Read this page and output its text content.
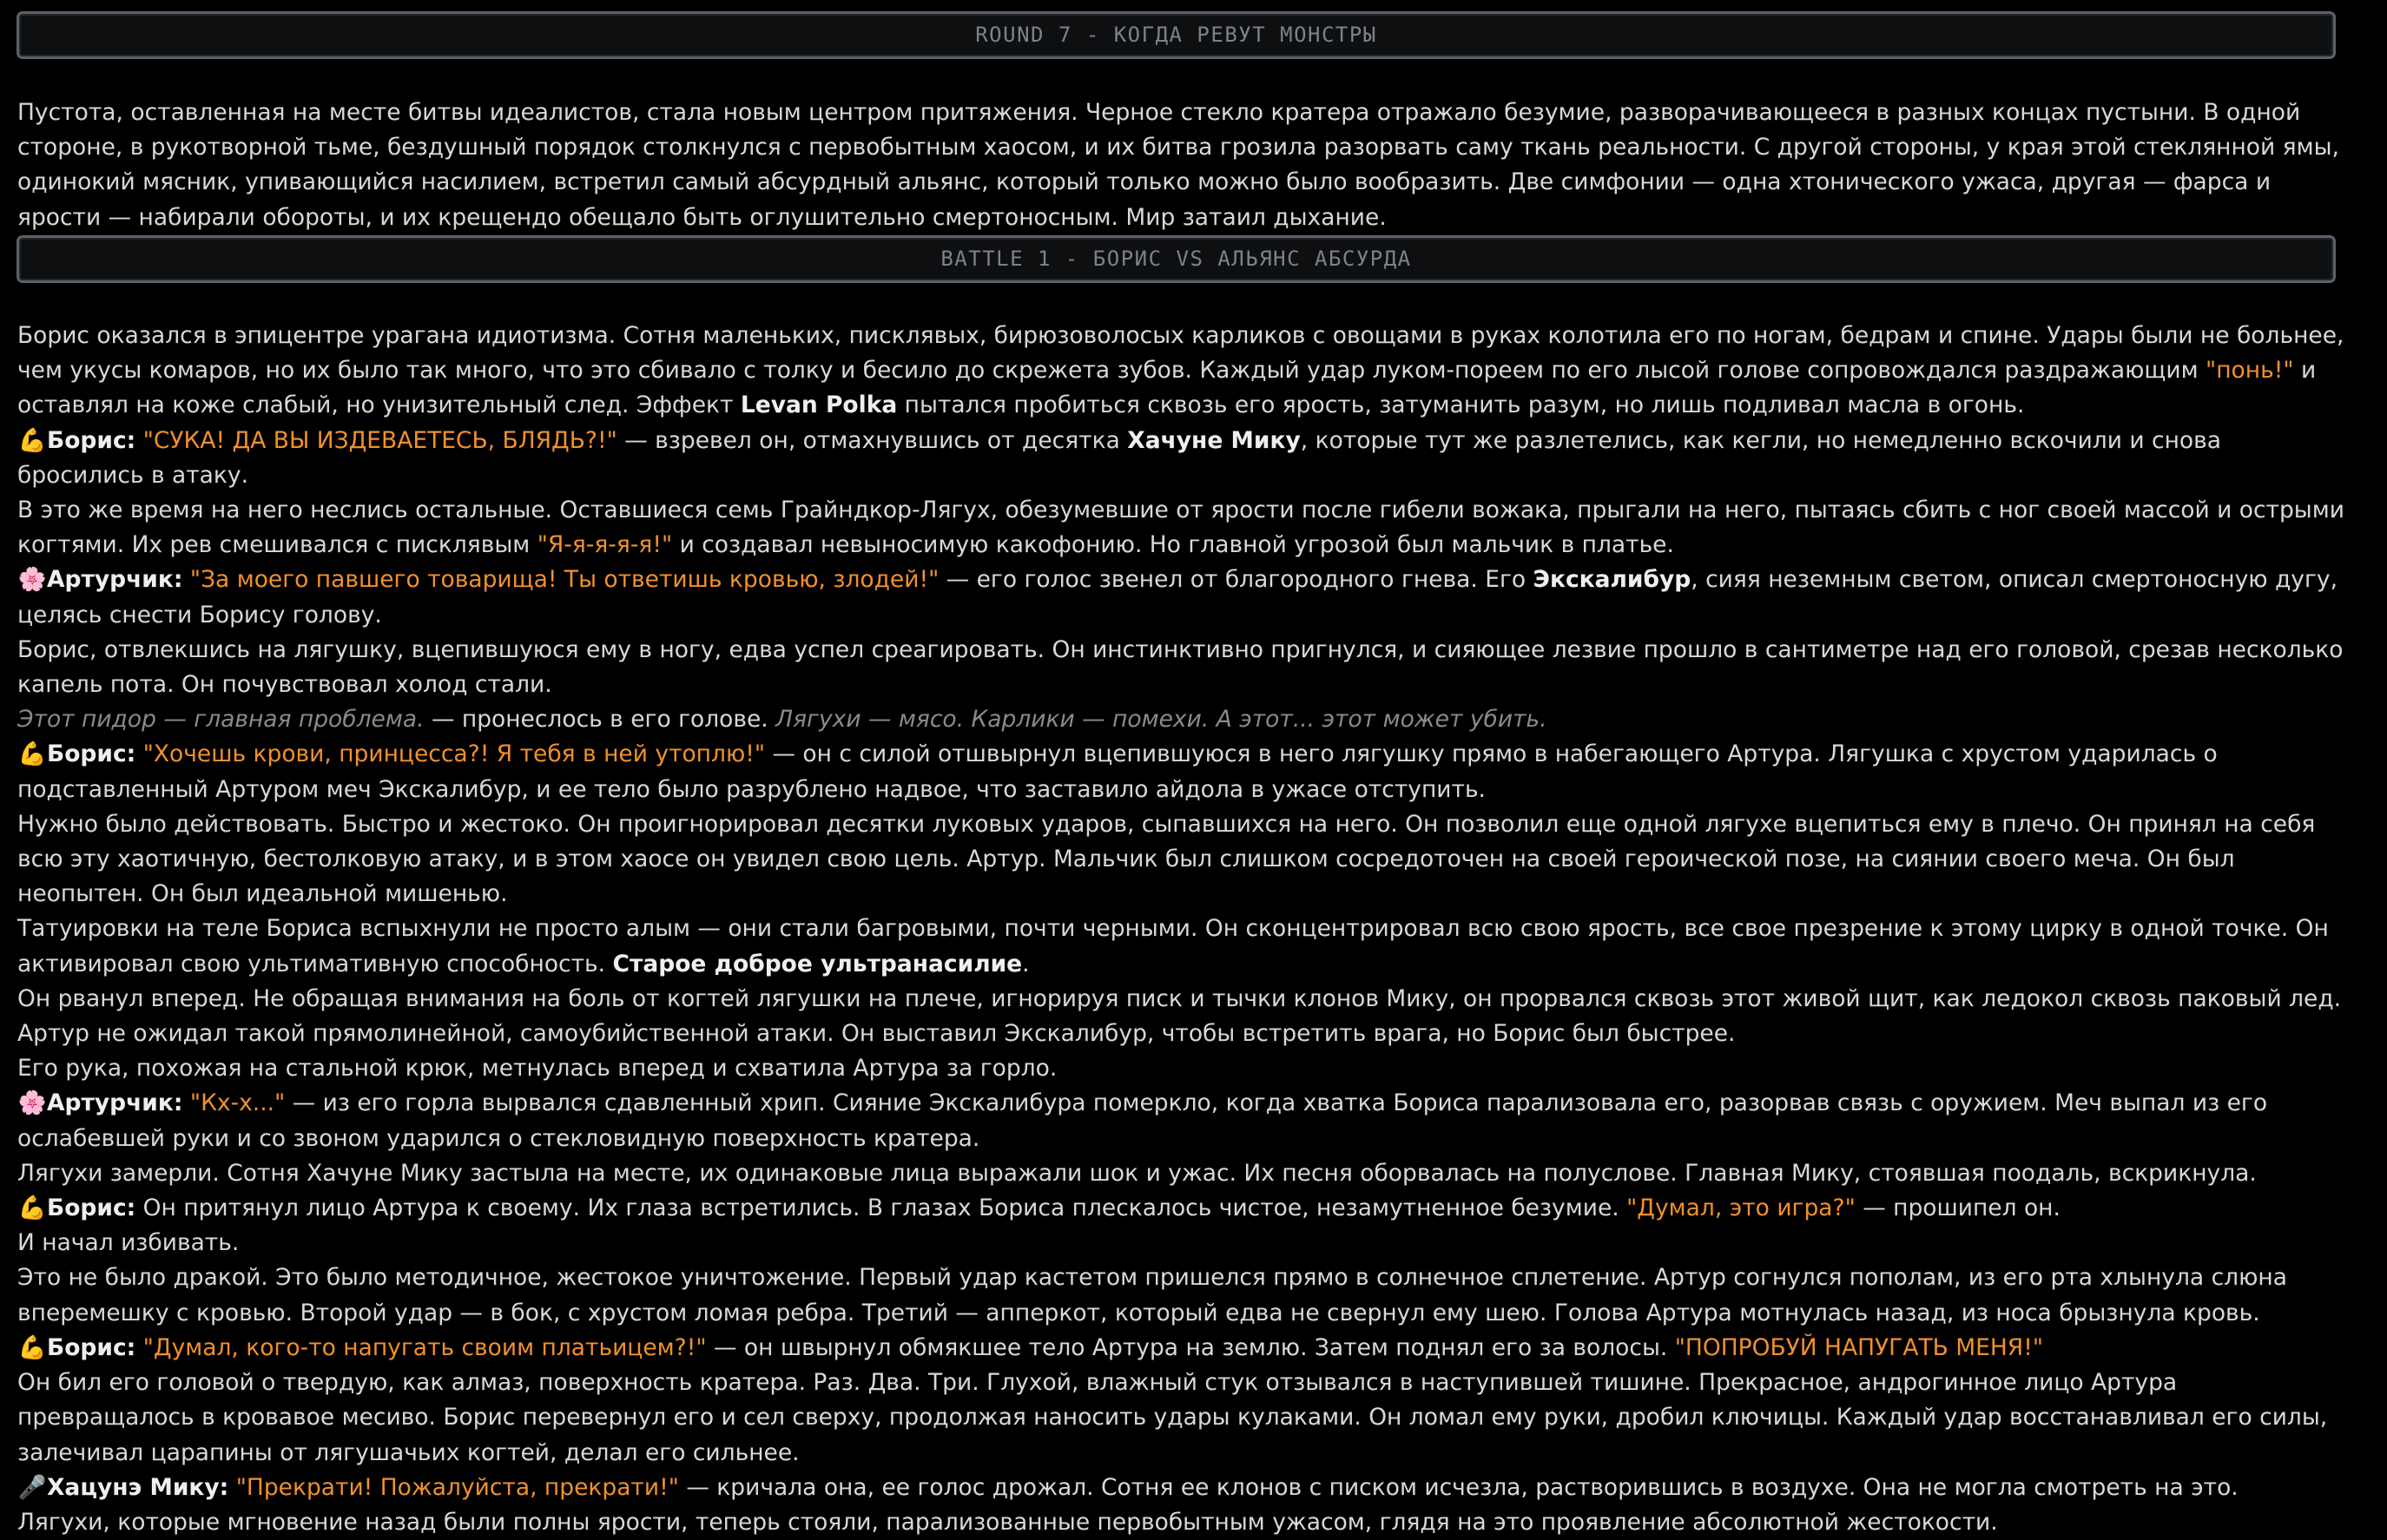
ROUND 7 - КОГДА РЕВУТ МОНСТРЫ
Пустота, оставленная на месте битвы идеалистов, стала новым центром притяжения. Черное стекло кратера отражало безумие, разворачивающееся в разных концах пустыни. В одной стороне, в рукотворной тьме, бездушный порядок столкнулся с первобытным хаосом, и их битва грозила разорвать саму ткань реальности. С другой стороны, у края этой стеклянной ямы, одинокий мясник, упивающийся насилием, встретил самый абсурдный альянс, который только можно было вообразить. Две симфонии — одна хтонического ужаса, другая — фарса и ярости — набирали обороты, и их крещендо обещало быть оглушительно смертоносным. Мир затаил дыхание.
BATTLE 1 - БОРИС VS АЛЬЯНС АБСУРДА
Борис оказался в эпицентре урагана идиотизма. Сотня маленьких, писклявых, бирюзоволосых карликов с овощами в руках колотила его по ногам, бедрам и спине. Удары были не больнее, чем укусы комаров, но их было так много, что это сбивало с толку и бесило до скрежета зубов. Каждый удар луком-пореем по его лысой голове сопровождался раздражающим "понь!" и оставлял на коже слабый, но унизительный след. Эффект Levan Polka пытался пробиться сквозь его ярость, затуманить разум, но лишь подливал масла в огонь.
💪Борис: "СУКА! ДА ВЫ ИЗДЕВАЕТЕСЬ, БЛЯДЬ?!" — взревел он, отмахнувшись от десятка Хачуне Мику, которые тут же разлетелись, как кегли, но немедленно вскочили и снова бросились в атаку.
В это же время на него неслись остальные. Оставшиеся семь Грайндкор-Лягух, обезумевшие от ярости после гибели вожака, прыгали на него, пытаясь сбить с ног своей массой и острыми когтями. Их рев смешивался с писклявым "Я-я-я-я-я!" и создавал невыносимую какофонию. Но главной угрозой был мальчик в платье.
🌸Артурчик: "За моего павшего товарища! Ты ответишь кровью, злодей!" — его голос звенел от благородного гнева. Его Экскалибур, сияя неземным светом, описал смертоносную дугу, целясь снести Борису голову.
Борис, отвлекшись на лягушку, вцепившуюся ему в ногу, едва успел среагировать. Он инстинктивно пригнулся, и сияющее лезвие прошло в сантиметре над его головой, срезав несколько капель пота. Он почувствовал холод стали.
Этот пидор — главная проблема. — пронеслось в его голове. Лягухи — мясо. Карлики — помехи. А этот... этот может убить.
💪Борис: "Хочешь крови, принцесса?! Я тебя в ней утоплю!" — он с силой отшвырнул вцепившуюся в него лягушку прямо в набегающего Артура. Лягушка с хрустом ударилась о подставленный Артуром меч Экскалибур, и ее тело было разрублено надвое, что заставило айдола в ужасе отступить.
Нужно было действовать. Быстро и жестоко. Он проигнорировал десятки луковых ударов, сыпавшихся на него. Он позволил еще одной лягухе вцепиться ему в плечо. Он принял на себя всю эту хаотичную, бестолковую атаку, и в этом хаосе он увидел свою цель. Артур. Мальчик был слишком сосредоточен на своей героической позе, на сиянии своего меча. Он был неопытен. Он был идеальной мишенью.
Татуировки на теле Бориса вспыхнули не просто алым — они стали багровыми, почти черными. Он сконцентрировал всю свою ярость, все свое презрение к этому цирку в одной точке. Он активировал свою ультимативную способность. Старое доброе ультранасилие.
Он рванул вперед. Не обращая внимания на боль от когтей лягушки на плече, игнорируя писк и тычки клонов Мику, он прорвался сквозь этот живой щит, как ледокол сквозь паковый лед. Артур не ожидал такой прямолинейной, самоубийственной атаки. Он выставил Экскалибур, чтобы встретить врага, но Борис был быстрее.
Его рука, похожая на стальной крюк, метнулась вперед и схватила Артура за горло.
🌸Артурчик: "Кх-х..." — из его горла вырвался сдавленный хрип. Сияние Экскалибура померкло, когда хватка Бориса парализовала его, разорвав связь с оружием. Меч выпал из его ослабевшей руки и со звоном ударился о стекловидную поверхность кратера.
Лягухи замерли. Сотня Хачуне Мику застыла на месте, их одинаковые лица выражали шок и ужас. Их песня оборвалась на полуслове. Главная Мику, стоявшая поодаль, вскрикнула.
💪Борис: Он притянул лицо Артура к своему. Их глаза встретились. В глазах Бориса плескалось чистое, незамутненное безумие. "Думал, это игра?" — прошипел он.
И начал избивать.
Это не было дракой. Это было методичное, жестокое уничтожение. Первый удар кастетом пришелся прямо в солнечное сплетение. Артур согнулся пополам, из его рта хлынула слюна вперемешку с кровью. Второй удар — в бок, с хрустом ломая ребра. Третий — апперкот, который едва не свернул ему шею. Голова Артура мотнулась назад, из носа брызнула кровь.
💪Борис: "Думал, кого-то напугать своим платьицем?!" — он швырнул обмякшее тело Артура на землю. Затем поднял его за волосы. "ПОПРОБУЙ НАПУГАТЬ МЕНЯ!"
Он бил его головой о твердую, как алмаз, поверхность кратера. Раз. Два. Три. Глухой, влажный стук отзывался в наступившей тишине. Прекрасное, андрогинное лицо Артура превращалось в кровавое месиво. Борис перевернул его и сел сверху, продолжая наносить удары кулаками. Он ломал ему руки, дробил ключицы. Каждый удар восстанавливал его силы, залечивал царапины от лягушачьих когтей, делал его сильнее.
🎤Хацунэ Мику: "Прекрати! Пожалуйста, прекрати!" — кричала она, ее голос дрожал. Сотня ее клонов с писком исчезла, растворившись в воздухе. Она не могла смотреть на это.
Лягухи, которые мгновение назад были полны ярости, теперь стояли, парализованные первобытным ужасом, глядя на это проявление абсолютной жестокости.
